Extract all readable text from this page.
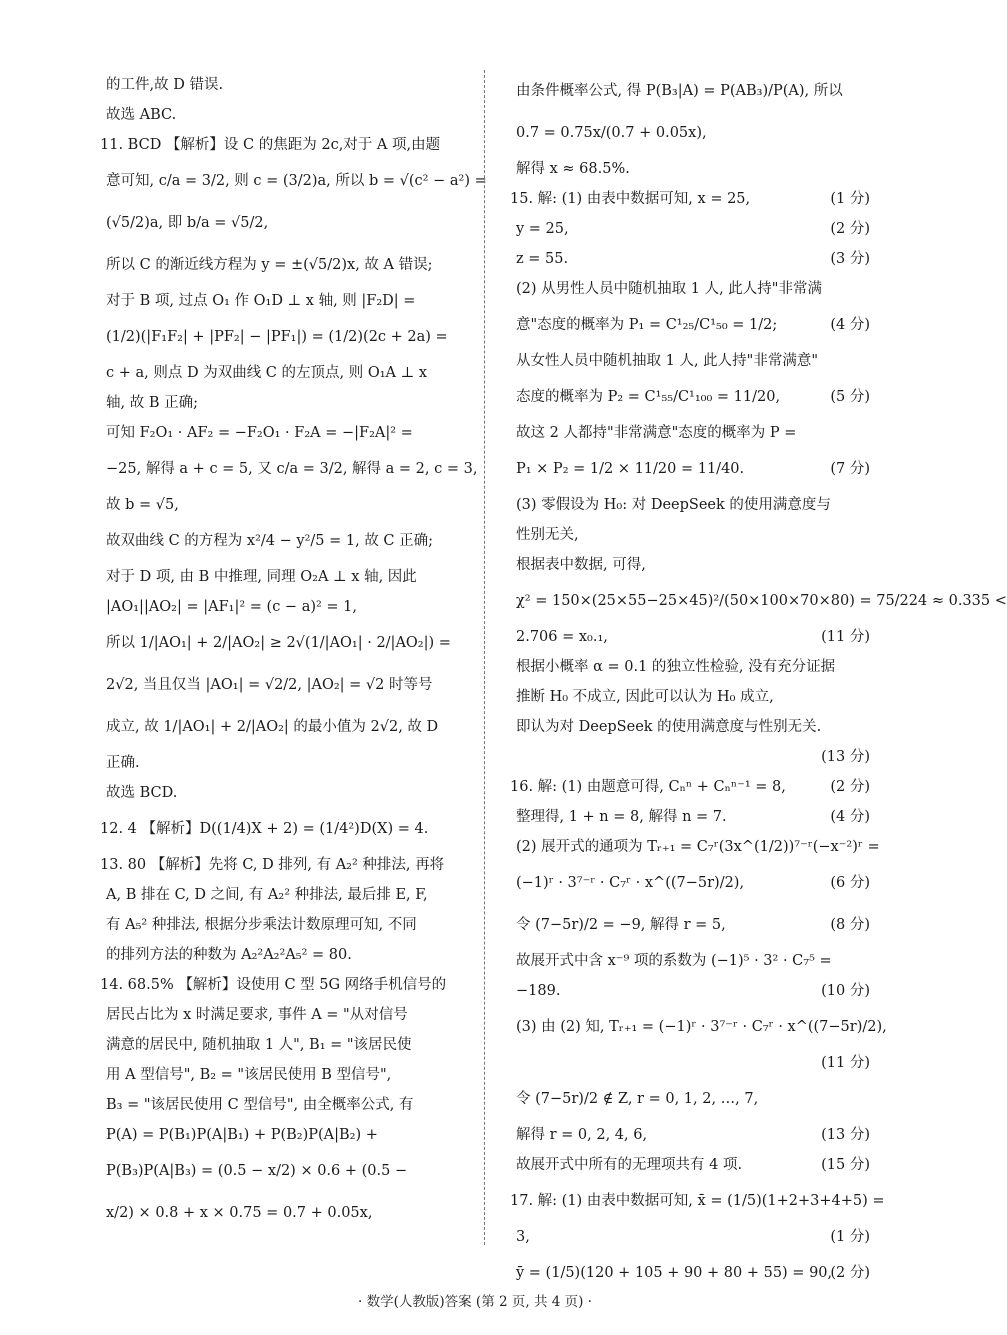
的工件,故 D 错误.
故选 ABC.
11. BCD 【解析】设 C 的焦距为 2c,对于 A 项,由题
意可知, c/a = 3/2, 则 c = (3/2)a, 所以 b = √(c² − a²) =
(√5/2)a, 即 b/a = √5/2,
所以 C 的渐近线方程为 y = ±(√5/2)x, 故 A 错误;
对于 B 项, 过点 O₁ 作 O₁D ⊥ x 轴, 则 |F₂D| =
(1/2)(|F₁F₂| + |PF₂| − |PF₁|) = (1/2)(2c + 2a) =
c + a, 则点 D 为双曲线 C 的左顶点, 则 O₁A ⊥ x
轴, 故 B 正确;
可知 F₂O₁ · AF₂ = −F₂O₁ · F₂A = −|F₂A|² =
−25, 解得 a + c = 5, 又 c/a = 3/2, 解得 a = 2, c = 3,
故 b = √5,
故双曲线 C 的方程为 x²/4 − y²/5 = 1, 故 C 正确;
对于 D 项, 由 B 中推理, 同理 O₂A ⊥ x 轴, 因此
|AO₁||AO₂| = |AF₁|² = (c − a)² = 1,
所以 1/|AO₁| + 2/|AO₂| ≥ 2√(1/|AO₁| · 2/|AO₂|) =
2√2, 当且仅当 |AO₁| = √2/2, |AO₂| = √2 时等号
成立, 故 1/|AO₁| + 2/|AO₂| 的最小值为 2√2, 故 D
正确.
故选 BCD.
12. 4 【解析】D((1/4)X + 2) = (1/4²)D(X) = 4.
13. 80 【解析】先将 C, D 排列, 有 A₂² 种排法, 再将
A, B 排在 C, D 之间, 有 A₂² 种排法, 最后排 E, F,
有 A₅² 种排法, 根据分步乘法计数原理可知, 不同
的排列方法的种数为 A₂²A₂²A₅² = 80.
14. 68.5% 【解析】设使用 C 型 5G 网络手机信号的
居民占比为 x 时满足要求, 事件 A = "从对信号
满意的居民中, 随机抽取 1 人", B₁ = "该居民使
用 A 型信号", B₂ = "该居民使用 B 型信号",
B₃ = "该居民使用 C 型信号", 由全概率公式, 有
P(A) = P(B₁)P(A|B₁) + P(B₂)P(A|B₂) +
P(B₃)P(A|B₃) = (0.5 − x/2) × 0.6 + (0.5 −
x/2) × 0.8 + x × 0.75 = 0.7 + 0.05x,
由条件概率公式, 得 P(B₃|A) = P(AB₃)/P(A), 所以
0.7 = 0.75x/(0.7 + 0.05x),
解得 x ≈ 68.5%.
15. 解: (1) 由表中数据可知, x = 25,	(1 分)
y = 25,	(2 分)
z = 55.	(3 分)
(2) 从男性人员中随机抽取 1 人, 此人持"非常满
意"态度的概率为 P₁ = C¹₂₅/C¹₅₀ = 1/2;	(4 分)
从女性人员中随机抽取 1 人, 此人持"非常满意"
态度的概率为 P₂ = C¹₅₅/C¹₁₀₀ = 11/20,	(5 分)
故这 2 人都持"非常满意"态度的概率为 P =
P₁ × P₂ = 1/2 × 11/20 = 11/40.	(7 分)
(3) 零假设为 H₀: 对 DeepSeek 的使用满意度与
性别无关,
根据表中数据, 可得,
χ² = 150×(25×55−25×45)²/(50×100×70×80) = 75/224 ≈ 0.335 <
2.706 = x₀.₁,	(11 分)
根据小概率 α = 0.1 的独立性检验, 没有充分证据
推断 H₀ 不成立, 因此可以认为 H₀ 成立,
即认为对 DeepSeek 的使用满意度与性别无关.
(13 分)
16. 解: (1) 由题意可得, Cₙⁿ + Cₙⁿ⁻¹ = 8,	(2 分)
整理得, 1 + n = 8, 解得 n = 7.	(4 分)
(2) 展开式的通项为 Tᵣ₊₁ = C₇ʳ(3x^(1/2))⁷⁻ʳ(−x⁻²)ʳ =
(−1)ʳ · 3⁷⁻ʳ · C₇ʳ · x^((7−5r)/2),	(6 分)
令 (7−5r)/2 = −9, 解得 r = 5,	(8 分)
故展开式中含 x⁻⁹ 项的系数为 (−1)⁵ · 3² · C₇⁵ =
−189.	(10 分)
(3) 由 (2) 知, Tᵣ₊₁ = (−1)ʳ · 3⁷⁻ʳ · C₇ʳ · x^((7−5r)/2),
(11 分)
令 (7−5r)/2 ∉ Z, r = 0, 1, 2, …, 7,
解得 r = 0, 2, 4, 6,	(13 分)
故展开式中所有的无理项共有 4 项.	(15 分)
17. 解: (1) 由表中数据可知, x̄ = (1/5)(1+2+3+4+5) =
3,	(1 分)
ȳ = (1/5)(120 + 105 + 90 + 80 + 55) = 90,
(2 分)
· 数学(人教版)答案 (第 2 页, 共 4 页) ·
